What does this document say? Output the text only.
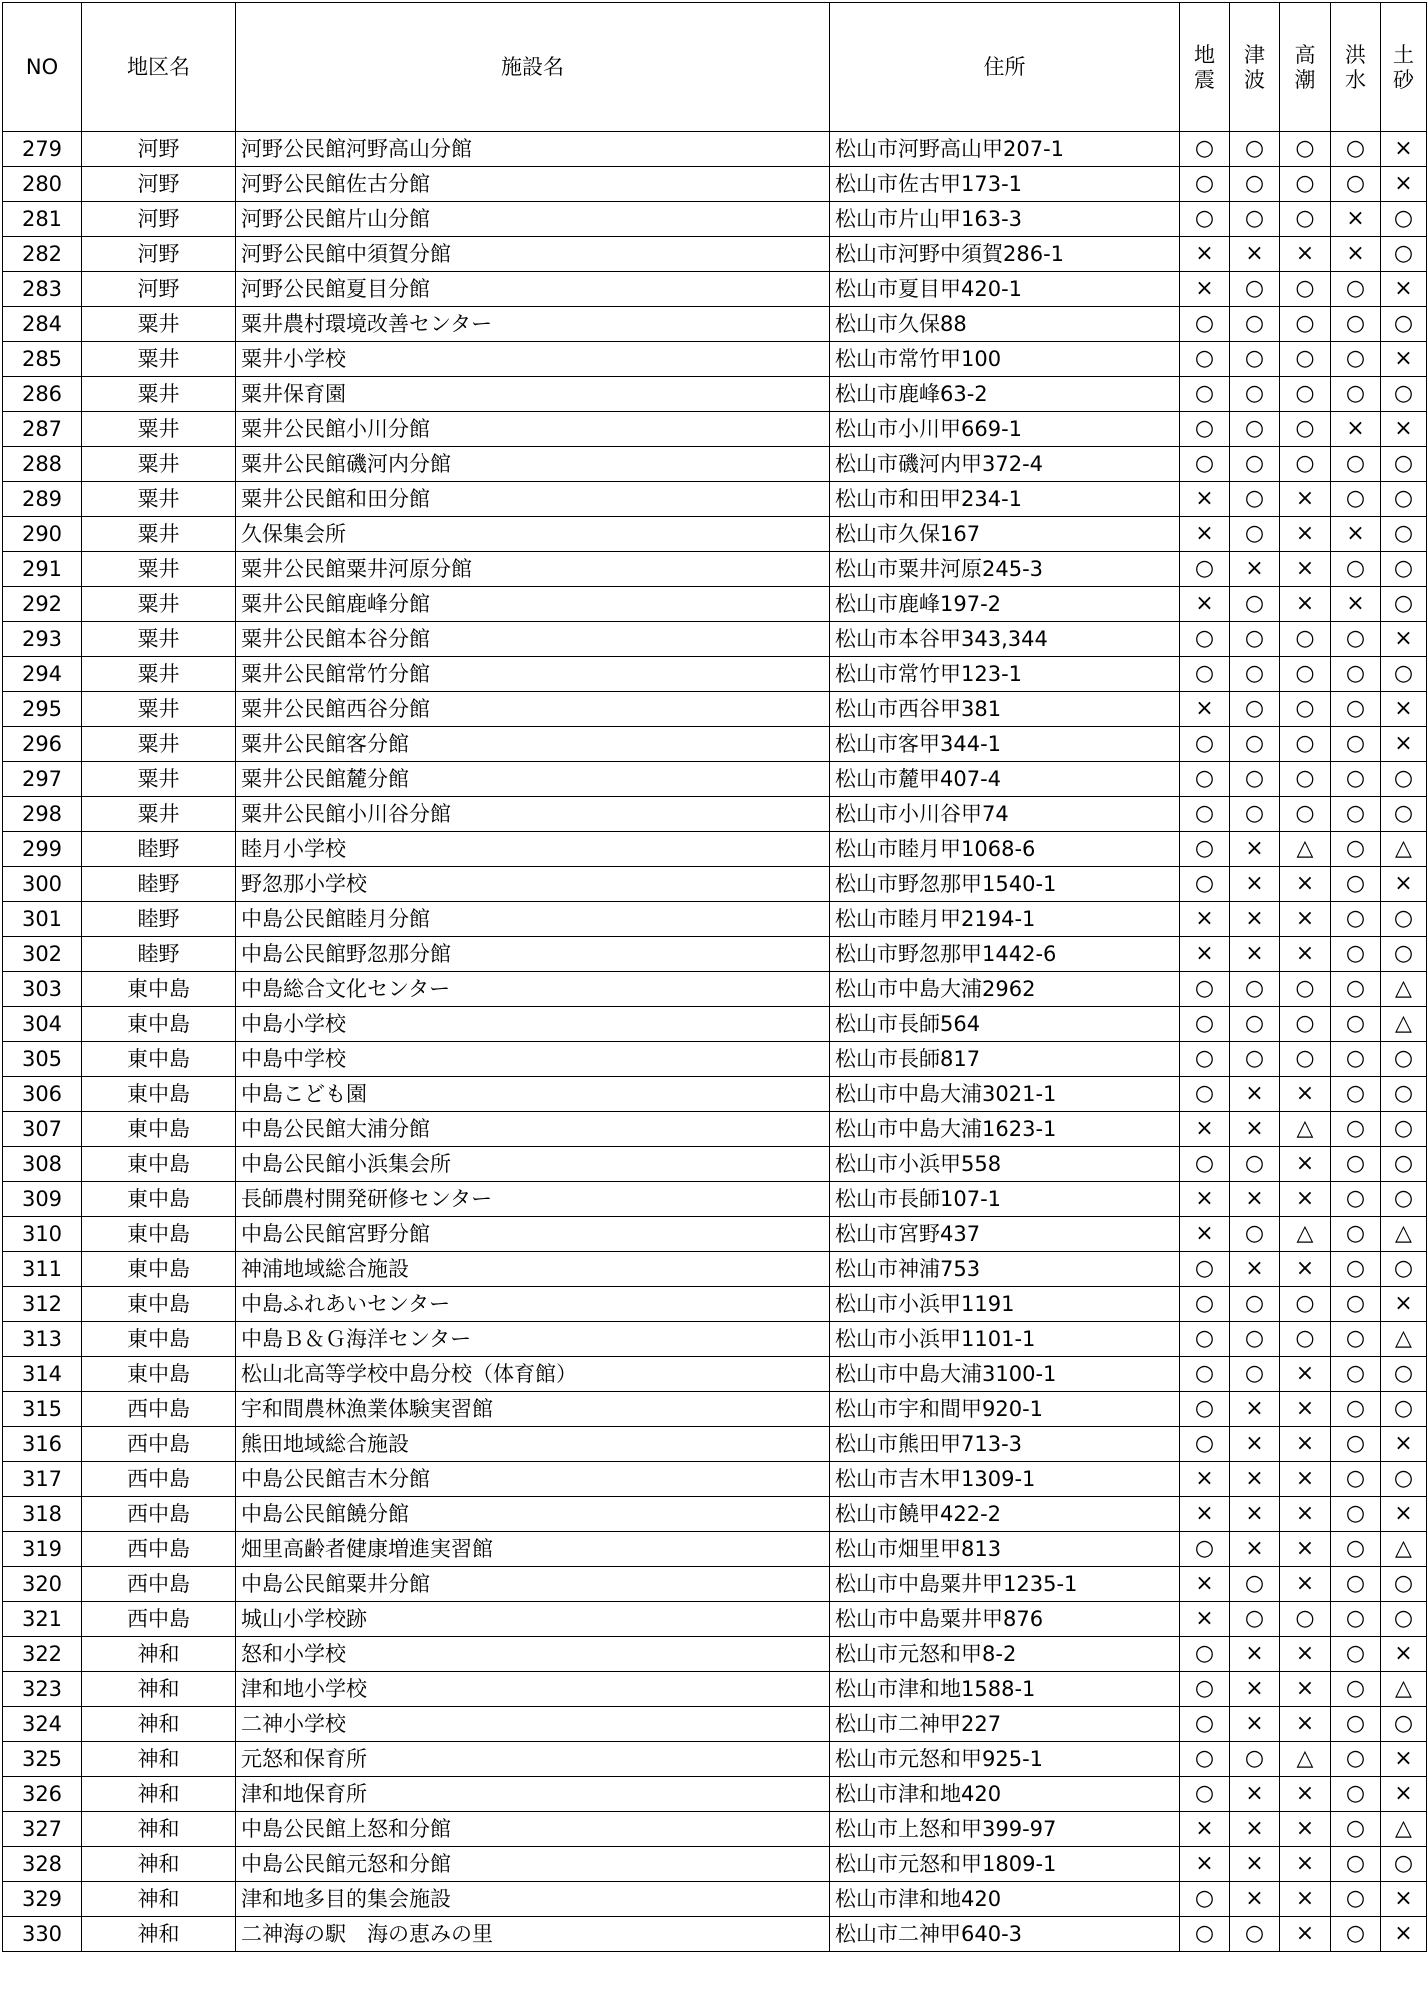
NO	地区名	施設名	住所	地震	津波	高潮	洪水	土砂

279	河野	河野公民館河野高山分館	松山市河野高山甲207-1	○	○	○	○	×
280	河野	河野公民館佐古分館	松山市佐古甲173-1	○	○	○	○	×
281	河野	河野公民館片山分館	松山市片山甲163-3	○	○	○	×	○
282	河野	河野公民館中須賀分館	松山市河野中須賀286-1	×	×	×	×	○
283	河野	河野公民館夏目分館	松山市夏目甲420-1	×	○	○	○	×
284	粟井	粟井農村環境改善センター	松山市久保88	○	○	○	○	○
285	粟井	粟井小学校	松山市常竹甲100	○	○	○	○	×
286	粟井	粟井保育園	松山市鹿峰63-2	○	○	○	○	○
287	粟井	粟井公民館小川分館	松山市小川甲669-1	○	○	○	×	×
288	粟井	粟井公民館磯河内分館	松山市磯河内甲372-4	○	○	○	○	○
289	粟井	粟井公民館和田分館	松山市和田甲234-1	×	○	×	○	○
290	粟井	久保集会所	松山市久保167	×	○	×	×	○
291	粟井	粟井公民館粟井河原分館	松山市粟井河原245-3	○	×	×	○	○
292	粟井	粟井公民館鹿峰分館	松山市鹿峰197-2	×	○	×	×	○
293	粟井	粟井公民館本谷分館	松山市本谷甲343,344	○	○	○	○	×
294	粟井	粟井公民館常竹分館	松山市常竹甲123-1	○	○	○	○	○
295	粟井	粟井公民館西谷分館	松山市西谷甲381	×	○	○	○	×
296	粟井	粟井公民館客分館	松山市客甲344-1	○	○	○	○	×
297	粟井	粟井公民館麓分館	松山市麓甲407-4	○	○	○	○	○
298	粟井	粟井公民館小川谷分館	松山市小川谷甲74	○	○	○	○	○
299	睦野	睦月小学校	松山市睦月甲1068-6	○	×	△	○	△
300	睦野	野忽那小学校	松山市野忽那甲1540-1	○	×	×	○	×
301	睦野	中島公民館睦月分館	松山市睦月甲2194-1	×	×	×	○	○
302	睦野	中島公民館野忽那分館	松山市野忽那甲1442-6	×	×	×	○	○
303	東中島	中島総合文化センター	松山市中島大浦2962	○	○	○	○	△
304	東中島	中島小学校	松山市長師564	○	○	○	○	△
305	東中島	中島中学校	松山市長師817	○	○	○	○	○
306	東中島	中島こども園	松山市中島大浦3021-1	○	×	×	○	○
307	東中島	中島公民館大浦分館	松山市中島大浦1623-1	×	×	△	○	○
308	東中島	中島公民館小浜集会所	松山市小浜甲558	○	○	×	○	○
309	東中島	長師農村開発研修センター	松山市長師107-1	×	×	×	○	○
310	東中島	中島公民館宮野分館	松山市宮野437	×	○	△	○	△
311	東中島	神浦地域総合施設	松山市神浦753	○	×	×	○	○
312	東中島	中島ふれあいセンター	松山市小浜甲1191	○	○	○	○	×
313	東中島	中島Ｂ＆Ｇ海洋センター	松山市小浜甲1101-1	○	○	○	○	△
314	東中島	松山北高等学校中島分校（体育館）	松山市中島大浦3100-1	○	○	×	○	○
315	西中島	宇和間農林漁業体験実習館	松山市宇和間甲920-1	○	×	×	○	○
316	西中島	熊田地域総合施設	松山市熊田甲713-3	○	×	×	○	×
317	西中島	中島公民館吉木分館	松山市吉木甲1309-1	×	×	×	○	○
318	西中島	中島公民館饒分館	松山市饒甲422-2	×	×	×	○	×
319	西中島	畑里高齢者健康増進実習館	松山市畑里甲813	○	×	×	○	△
320	西中島	中島公民館粟井分館	松山市中島粟井甲1235-1	×	○	×	○	○
321	西中島	城山小学校跡	松山市中島粟井甲876	×	○	○	○	○
322	神和	怒和小学校	松山市元怒和甲8-2	○	×	×	○	×
323	神和	津和地小学校	松山市津和地1588-1	○	×	×	○	△
324	神和	二神小学校	松山市二神甲227	○	×	×	○	○
325	神和	元怒和保育所	松山市元怒和甲925-1	○	○	△	○	×
326	神和	津和地保育所	松山市津和地420	○	×	×	○	×
327	神和	中島公民館上怒和分館	松山市上怒和甲399-97	×	×	×	○	△
328	神和	中島公民館元怒和分館	松山市元怒和甲1809-1	×	×	×	○	○
329	神和	津和地多目的集会施設	松山市津和地420	○	×	×	○	×
330	神和	二神海の駅　海の恵みの里	松山市二神甲640-3	○	○	×	○	×
